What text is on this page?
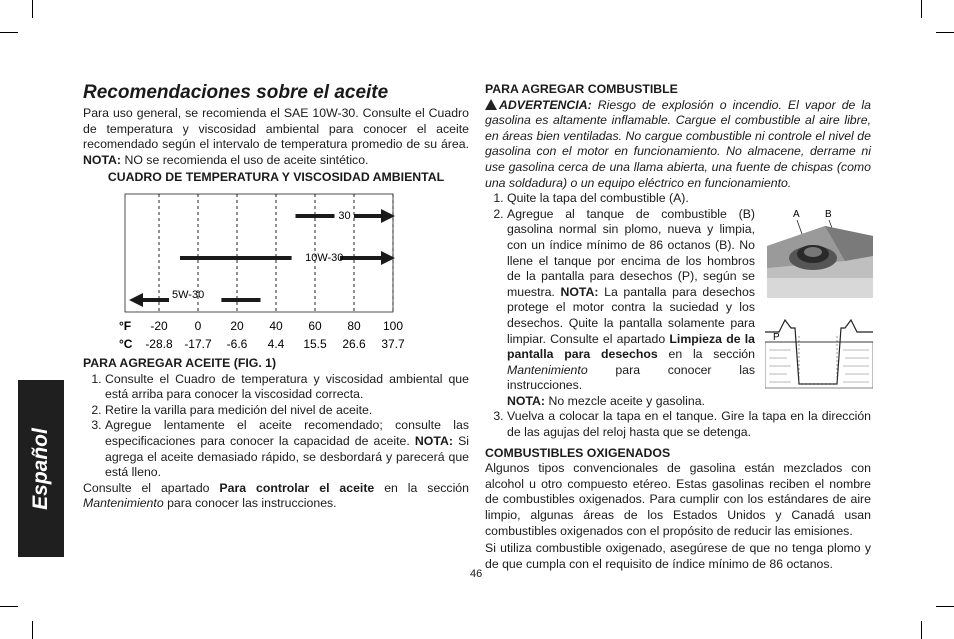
Español
Recomendaciones sobre el aceite

Para uso general, se recomienda el SAE 10W-30. Consulte el Cuadro de temperatura y viscosidad ambiental para conocer el aceite recomendado según el intervalo de temperatura promedio de su área. NOTA: NO se recomienda el uso de aceite sintético.

CUADRO DE TEMPERATURA Y VISCOSIDAD AMBIENTAL
30
10W-30
5W-30
°F
°C
-20 0 20 40 60 80 100
-28.8 -17.7 -6.6 4.4 15.5 26.6 37.7
PARA AGREGAR ACEITE (FIG. 1)
1. Consulte el Cuadro de temperatura y viscosidad ambiental que está arriba para conocer la viscosidad correcta.
2. Retire la varilla para medición del nivel de aceite.
3. Agregue lentamente el aceite recomendado; consulte las especificaciones para conocer la capacidad de aceite. NOTA: Si agrega el aceite demasiado rápido, se desbordará y parecerá que está lleno.

Consulte el apartado Para controlar el aceite en la sección Mantenimiento para conocer las instrucciones.

PARA AGREGAR COMBUSTIBLE

ADVERTENCIA: Riesgo de explosión o incendio. El vapor de la gasolina es altamente inflamable. Cargue el combustible al aire libre, en áreas bien ventiladas. No cargue combustible ni controle el nivel de gasolina con el motor en funcionamiento. No almacene, derrame ni use gasolina cerca de una llama abierta, una fuente de chispas (como una soldadura) o un equipo eléctrico en funcionamiento.

1. Quite la tapa del combustible (A).
2. Agregue al tanque de combustible (B) gasolina normal sin plomo, nueva y limpia, con un índice mínimo de 86 octanos (B). No llene el tanque por encima de los hombros de la pantalla para desechos (P), según se muestra. NOTA: La pantalla para desechos protege el motor contra la suciedad y los desechos. Quite la pantalla solamente para limpiar. Consulte el apartado Limpieza de la pantalla para desechos en la sección Mantenimiento para conocer las instrucciones.
NOTA: No mezcle aceite y gasolina.
3. Vuelva a colocar la tapa en el tanque. Gire la tapa en la dirección de las agujas del reloj hasta que se detenga.
COMBUSTIBLES OXIGENADOS

Algunos tipos convencionales de gasolina están mezclados con alcohol u otro compuesto etéreo. Estas gasolinas reciben el nombre de combustibles oxigenados. Para cumplir con los estándares de aire limpio, algunas áreas de los Estados Unidos y Canadá usan combustibles oxigenados con el propósito de reducir las emisiones.

Si utiliza combustible oxigenado, asegúrese de que no tenga plomo y de que cumpla con el requisito de índice mínimo de 86 octanos.

A	B
P
46
